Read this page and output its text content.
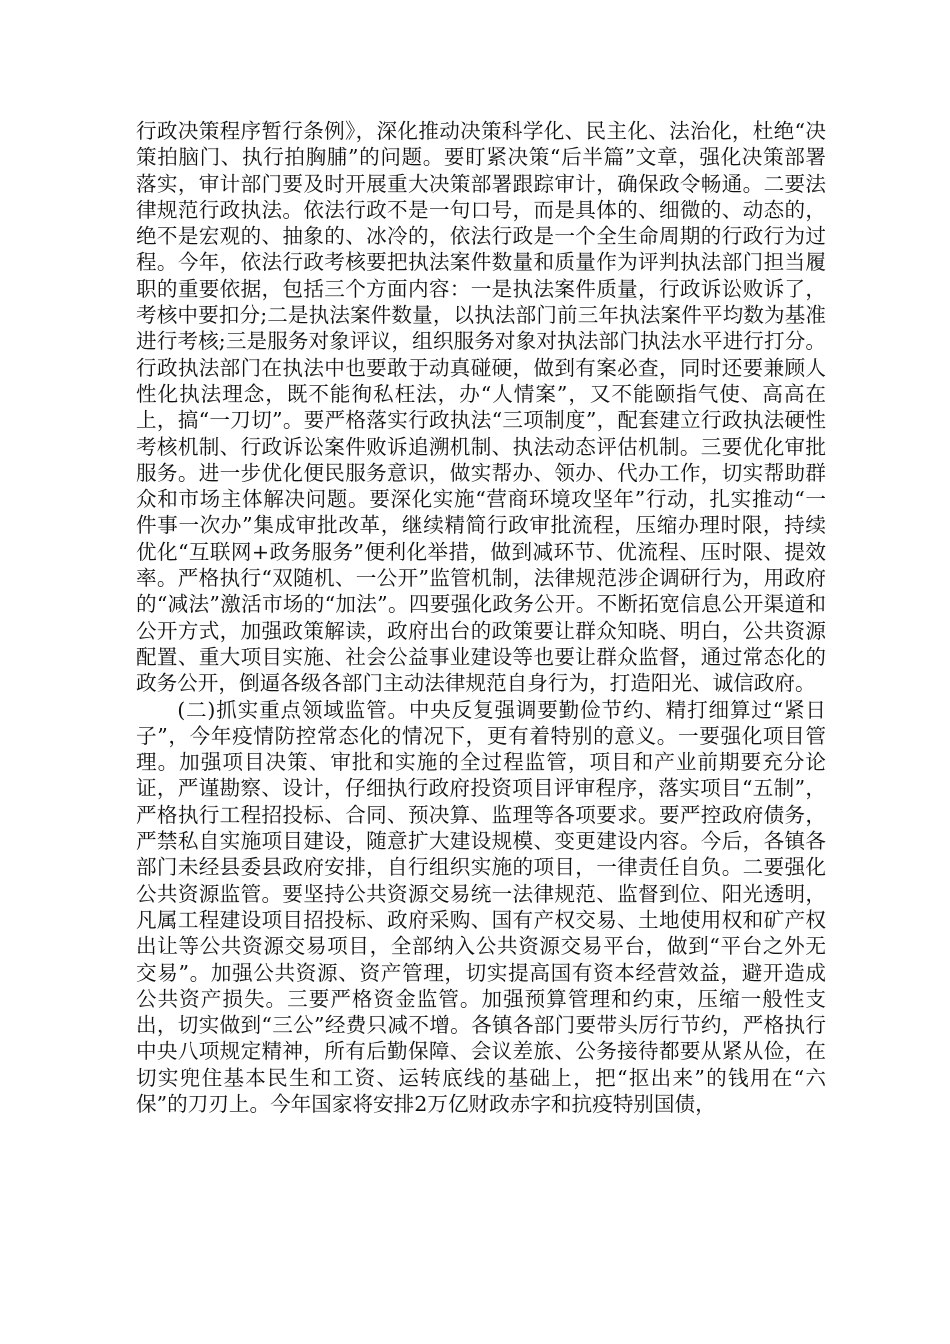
行政决策程序暂行条例》，深化推动决策科学化、民主化、法治化，杜绝“决策拍脑门、执行拍胸脯”的问题。要盯紧决策“后半篇”文章，强化决策部署落实，审计部门要及时开展重大决策部署跟踪审计，确保政令畅通。二要法律规范行政执法。依法行政不是一句口号，而是具体的、细微的、动态的，绝不是宏观的、抽象的、冰冷的，依法行政是一个全生命周期的行政行为过程。今年，依法行政考核要把执法案件数量和质量作为评判执法部门担当履职的重要依据，包括三个方面内容：一是执法案件质量，行政诉讼败诉了，考核中要扣分;二是执法案件数量，以执法部门前三年执法案件平均数为基准进行考核;三是服务对象评议，组织服务对象对执法部门执法水平进行打分。行政执法部门在执法中也要敢于动真碰硬，做到有案必查，同时还要兼顾人性化执法理念，既不能徇私枉法，办“人情案”，又不能颐指气使、高高在上，搞“一刀切”。要严格落实行政执法“三项制度”，配套建立行政执法硬性考核机制、行政诉讼案件败诉追溯机制、执法动态评估机制。三要优化审批服务。进一步优化便民服务意识，做实帮办、领办、代办工作，切实帮助群众和市场主体解决问题。要深化实施“营商环境攻坚年”行动，扎实推动“一件事一次办”集成审批改革，继续精简行政审批流程，压缩办理时限，持续优化“互联网+政务服务”便利化举措，做到减环节、优流程、压时限、提效率。严格执行“双随机、一公开”监管机制，法律规范涉企调研行为，用政府的“减法”激活市场的“加法”。四要强化政务公开。不断拓宽信息公开渠道和公开方式，加强政策解读，政府出台的政策要让群众知晓、明白，公共资源配置、重大项目实施、社会公益事业建设等也要让群众监督，通过常态化的政务公开，倒逼各级各部门主动法律规范自身行为，打造阳光、诚信政府。

(二)抓实重点领域监管。中央反复强调要勤俭节约、精打细算过“紧日子”，今年疫情防控常态化的情况下，更有着特别的意义。一要强化项目管理。加强项目决策、审批和实施的全过程监管，项目和产业前期要充分论证，严谨勘察、设计，仔细执行政府投资项目评审程序，落实项目“五制”，严格执行工程招投标、合同、预决算、监理等各项要求。要严控政府债务，严禁私自实施项目建设，随意扩大建设规模、变更建设内容。今后，各镇各部门未经县委县政府安排，自行组织实施的项目，一律责任自负。二要强化公共资源监管。要坚持公共资源交易统一法律规范、监督到位、阳光透明，凡属工程建设项目招投标、政府采购、国有产权交易、土地使用权和矿产权出让等公共资源交易项目，全部纳入公共资源交易平台，做到“平台之外无交易”。加强公共资源、资产管理，切实提高国有资本经营效益，避开造成公共资产损失。三要严格资金监管。加强预算管理和约束，压缩一般性支出，切实做到“三公”经费只减不增。各镇各部门要带头厉行节约，严格执行中央八项规定精神，所有后勤保障、会议差旅、公务接待都要从紧从俭，在切实兜住基本民生和工资、运转底线的基础上，把“抠出来”的钱用在“六保”的刀刃上。今年国家将安排2万亿财政赤字和抗疫特别国债，
